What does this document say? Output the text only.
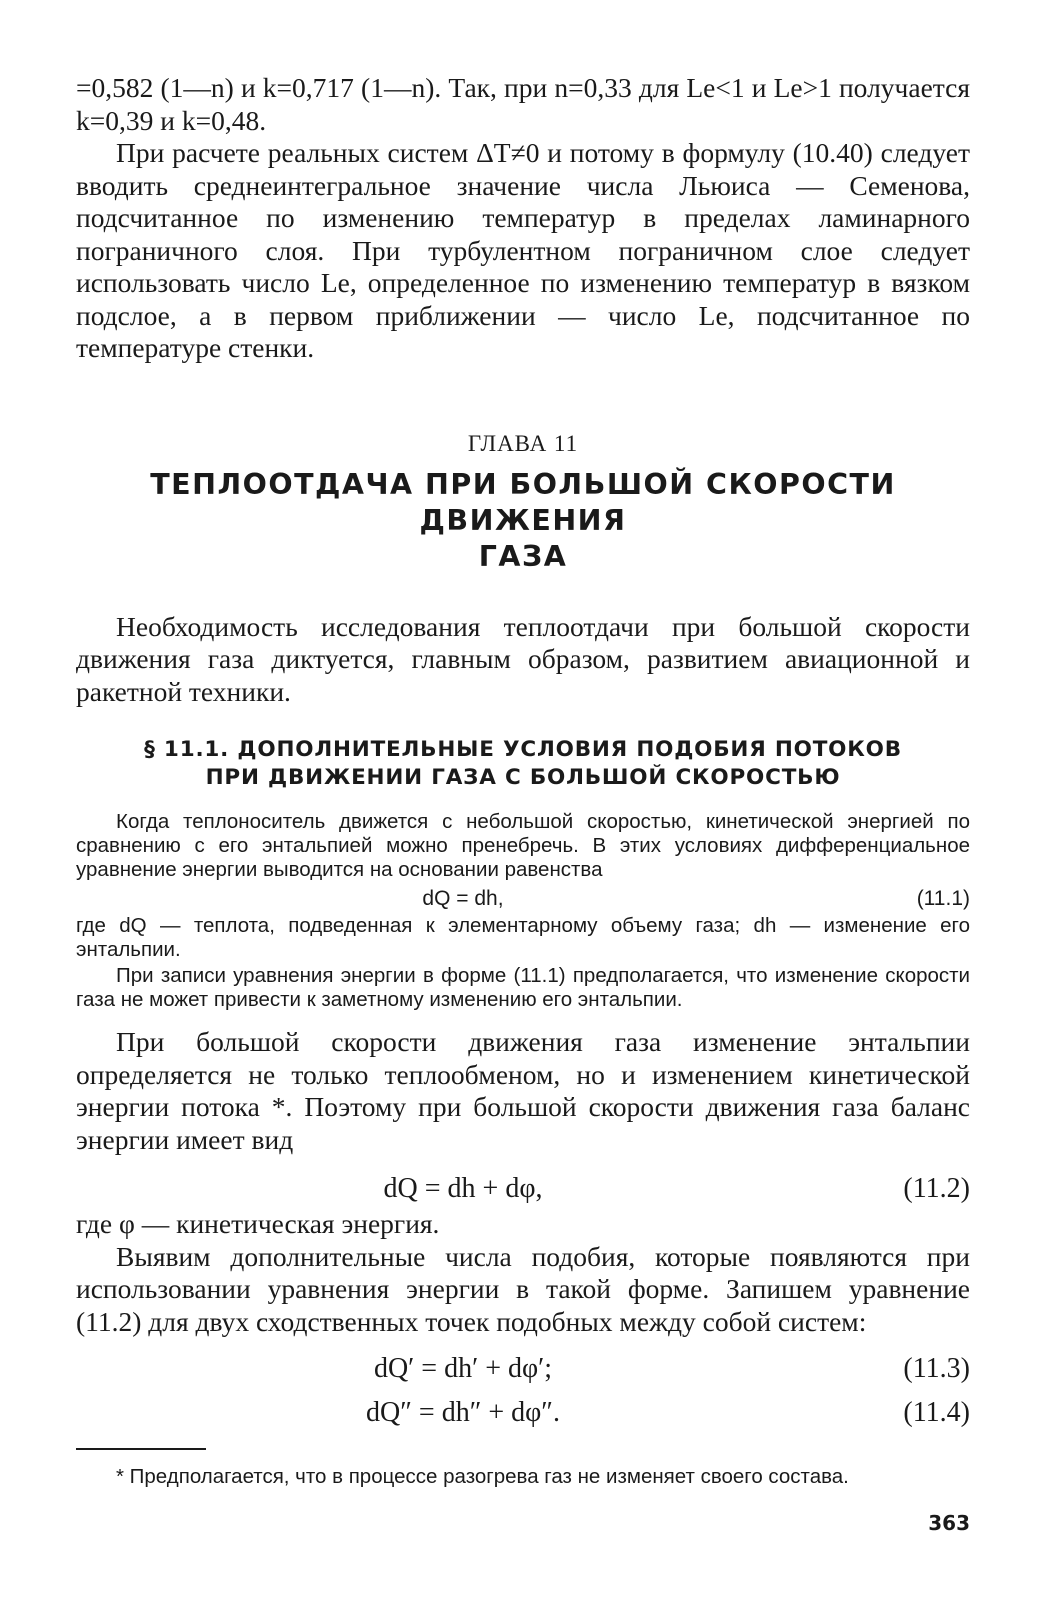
=0,582 (1—n) и k=0,717 (1—n). Так, при n=0,33 для Le<1 и Le>1 получается k=0,39 и k=0,48.

При расчете реальных систем ΔT≠0 и потому в формулу (10.40) следует вводить среднеинтегральное значение числа Льюиса — Семенова, подсчитанное по изменению температур в пределах ламинарного пограничного слоя. При турбулентном пограничном слое следует использовать число Le, определенное по изменению температур в вязком подслое, а в первом приближении — число Le, подсчитанное по температуре стенки.

ГЛАВА 11
ТЕПЛООТДАЧА ПРИ БОЛЬШОЙ СКОРОСТИ ДВИЖЕНИЯ
ГАЗА

Необходимость исследования теплоотдачи при большой скорости движения газа диктуется, главным образом, развитием авиационной и ракетной техники.

§ 11.1. ДОПОЛНИТЕЛЬНЫЕ УСЛОВИЯ ПОДОБИЯ ПОТОКОВ
ПРИ ДВИЖЕНИИ ГАЗА С БОЛЬШОЙ СКОРОСТЬЮ

Когда теплоноситель движется с небольшой скоростью, кинетической энергией по сравнению с его энтальпией можно пренебречь. В этих условиях дифференциальное уравнение энергии выводится на основании равенства

dQ = dh,	(11.1)

где dQ — теплота, подведенная к элементарному объему газа; dh — изменение его энтальпии.

При записи уравнения энергии в форме (11.1) предполагается, что изменение скорости газа не может привести к заметному изменению его энтальпии.

При большой скорости движения газа изменение энтальпии определяется не только теплообменом, но и изменением кинетической энергии потока *. Поэтому при большой скорости движения газа баланс энергии имеет вид

dQ = dh + dφ,	(11.2)

где φ — кинетическая энергия.

Выявим дополнительные числа подобия, которые появляются при использовании уравнения энергии в такой форме. Запишем уравнение (11.2) для двух сходственных точек подобных между собой систем:

dQ′ = dh′ + dφ′;	(11.3)
dQ″ = dh″ + dφ″.	(11.4)

* Предполагается, что в процессе разогрева газ не изменяет своего состава.

363
